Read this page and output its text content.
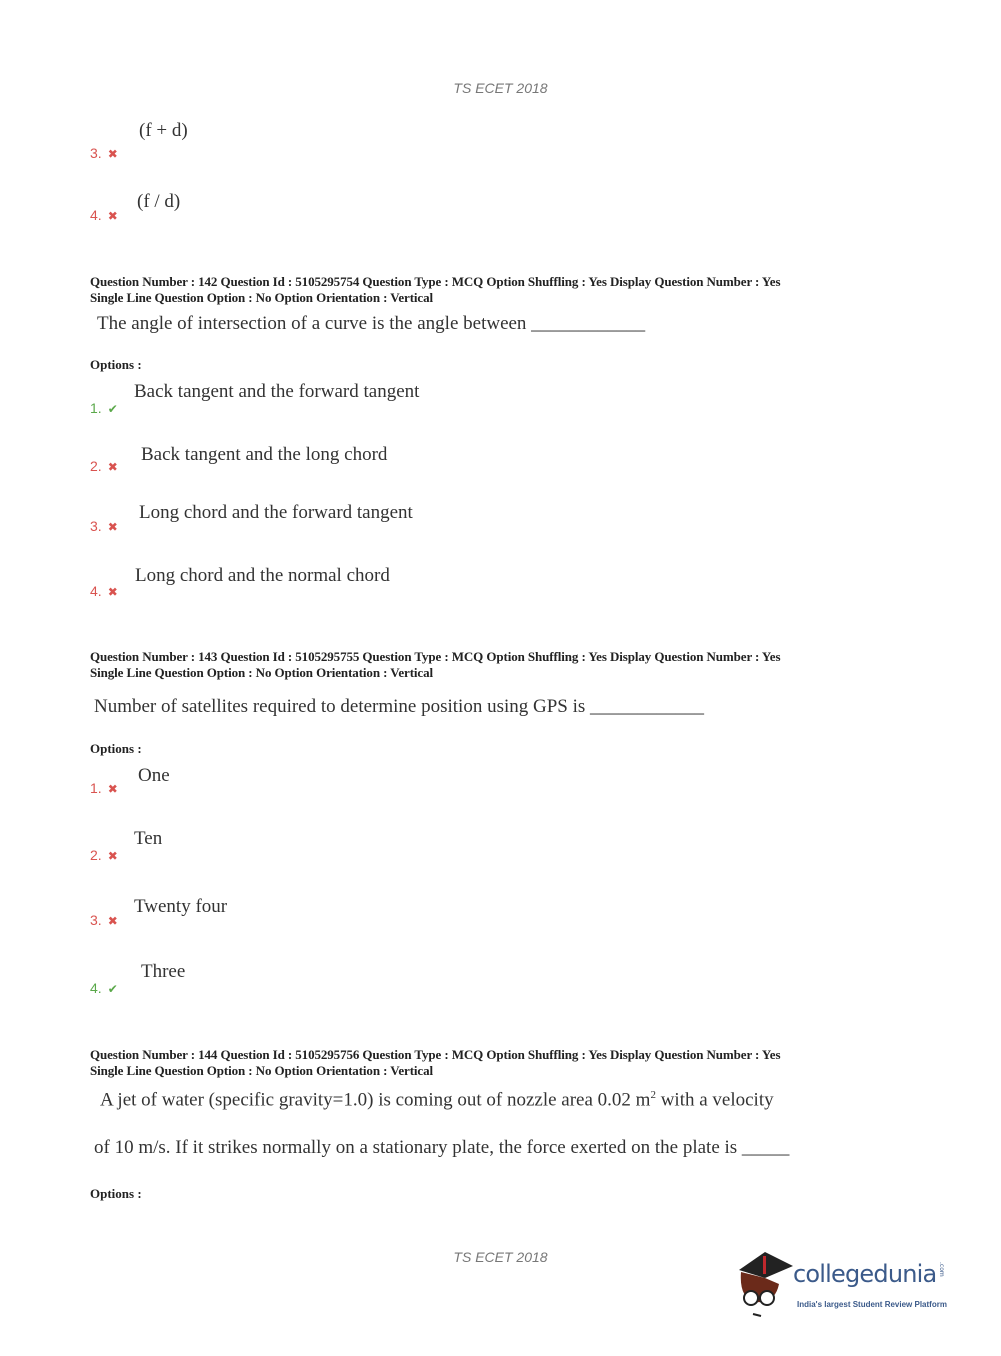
TS ECET 2018
(f + d)
3. ✖
(f / d)
4. ✖
Question Number : 142 Question Id : 5105295754 Question Type : MCQ Option Shuffling : Yes Display Question Number : Yes
Single Line Question Option : No Option Orientation : Vertical
The angle of intersection of a curve is the angle between ____________
Options :
Back tangent and the forward tangent
1. ✔
Back tangent and the long chord
2. ✖
Long chord and the forward tangent
3. ✖
Long chord and the normal chord
4. ✖
Question Number : 143 Question Id : 5105295755 Question Type : MCQ Option Shuffling : Yes Display Question Number : Yes
Single Line Question Option : No Option Orientation : Vertical
Number of satellites required to determine position using GPS is ____________
Options :
One
1. ✖
Ten
2. ✖
Twenty four
3. ✖
Three
4. ✔
Question Number : 144 Question Id : 5105295756 Question Type : MCQ Option Shuffling : Yes Display Question Number : Yes
Single Line Question Option : No Option Orientation : Vertical
A jet of water (specific gravity=1.0) is coming out of nozzle area 0.02 $m^2$ with a velocity
of 10 m/s. If it strikes normally on a stationary plate, the force exerted on the plate is _____
Options :
TS ECET 2018
collegedunia .com
India's largest Student Review Platform
